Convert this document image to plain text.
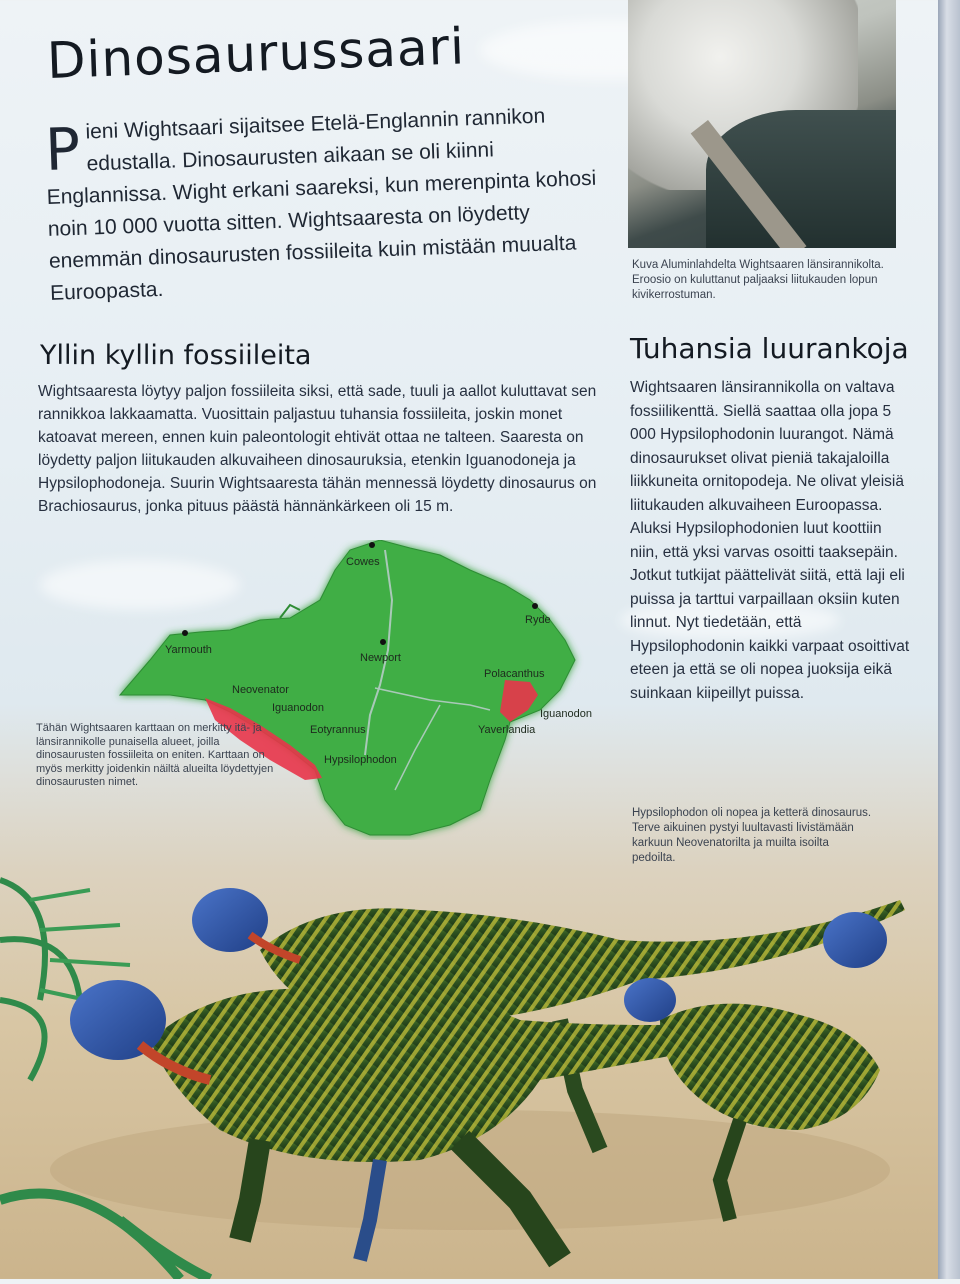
Dinosaurussaari

Pieni Wightsaari sijaitsee Etelä-Englannin rannikon edustalla. Dinosaurusten aikaan se oli kiinni Englannissa. Wight erkani saareksi, kun merenpinta kohosi noin 10 000 vuotta sitten. Wightsaaresta on löydetty enemmän dinosaurusten fossiileita kuin mistään muualta Euroopasta.

Kuva Aluminlahdelta Wightsaaren länsirannikolta. Eroosio on kuluttanut paljaaksi liitukauden lopun kivikerrostuman.

Yllin kyllin fossiileita

Wightsaaresta löytyy paljon fossiileita siksi, että sade, tuuli ja aallot kuluttavat sen rannikkoa lakkaamatta. Vuosittain paljastuu tuhansia fossiileita, joskin monet katoavat mereen, ennen kuin paleontologit ehtivät ottaa ne talteen. Saaresta on löydetty paljon liitukauden alkuvaiheen dinosauruksia, etenkin Iguanodoneja ja Hypsilophodoneja. Suurin Wightsaaresta tähän mennessä löydetty dinosaurus on Brachiosaurus, jonka pituus päästä hännänkärkeen oli 15 m.

Tuhansia luurankoja

Wightsaaren länsirannikolla on valtava fossiilikenttä. Siellä saattaa olla jopa 5 000 Hypsilophodonin luurangot. Nämä dinosaurukset olivat pieniä takajaloilla liikkuneita ornitopodeja. Ne olivat yleisiä liitukauden alkuvaiheen Euroopassa. Aluksi Hypsilophodonien luut koottiin niin, että yksi varvas osoitti taaksepäin. Jotkut tutkijat päättelivät siitä, että laji eli puissa ja tarttui varpaillaan oksiin kuten linnut. Nyt tiedetään, että Hypsilophodonin kaikki varpaat osoittivat eteen ja että se oli nopea juoksija eikä suinkaan kiipeillyt puissa.

Cowes
Ryde
Yarmouth
Newport
Neovenator
Iguanodon
Eotyrannus
Hypsilophodon
Polacanthus
Iguanodon
Yaverlandia

Tähän Wightsaaren karttaan on merkitty itä- ja länsirannikolle punaisella alueet, joilla dinosaurusten fossiileita on eniten. Karttaan on myös merkitty joidenkin näiltä alueilta löydettyjen dinosaurusten nimet.

Hypsilophodon oli nopea ja ketterä dinosaurus. Terve aikuinen pystyi luultavasti livistämään karkuun Neovenatorilta ja muilta isoilta pedoilta.
